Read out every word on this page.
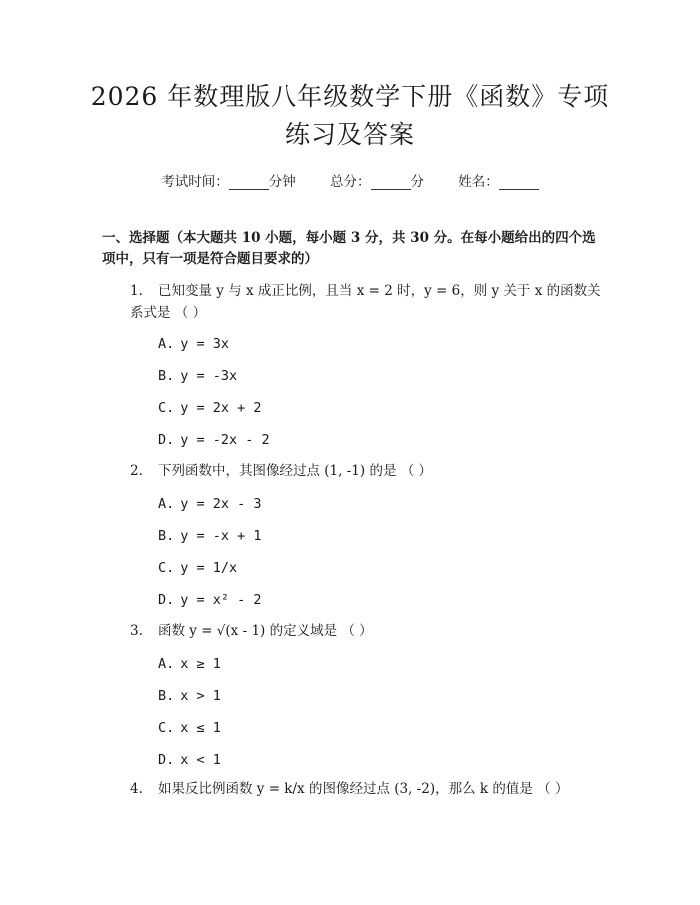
2026 年数理版八年级数学下册《函数》专项
练习及答案
考试时间：	分钟	总分：	分	姓名：
一、选择题（本大题共 10 小题，每小题 3 分，共 30 分。在每小题给出的四个选项中，只有一项是符合题目要求的）
1. 已知变量 y 与 x 成正比例，且当 x = 2 时，y = 6，则 y 关于 x 的函数关系式是 （ ）
A. y = 3x
B. y = -3x
C. y = 2x + 2
D. y = -2x - 2
2. 下列函数中，其图像经过点 (1, -1) 的是 （ ）
A. y = 2x - 3
B. y = -x + 1
C. y = 1/x
D. y = x² - 2
3. 函数 y = √(x - 1) 的定义域是 （ ）
A. x ≥ 1
B. x > 1
C. x ≤ 1
D. x < 1
4. 如果反比例函数 y = k/x 的图像经过点 (3, -2)，那么 k 的值是 （ ）
